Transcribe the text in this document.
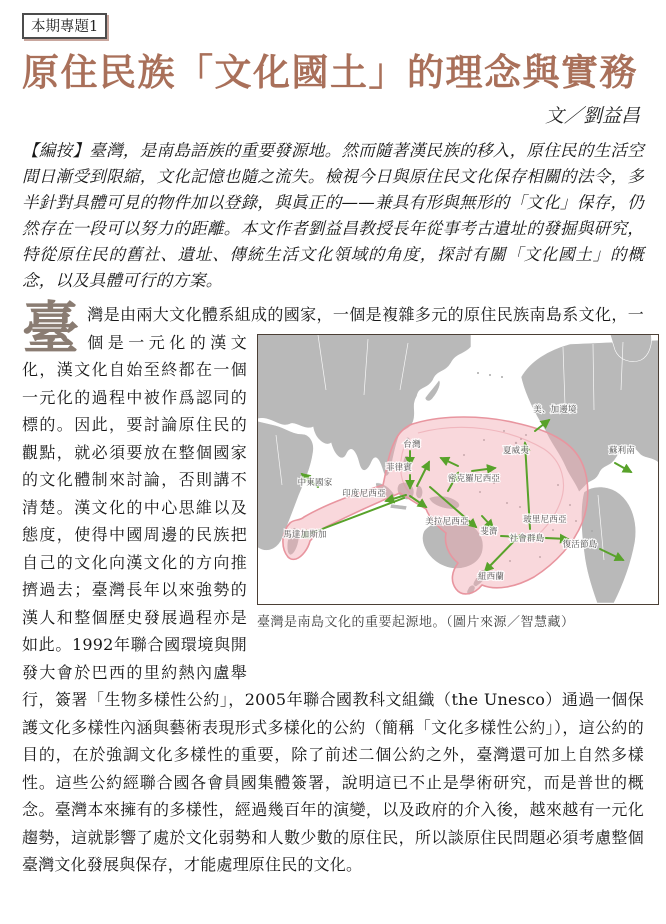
本期專題1
原住民族「文化國土」的理念與實務
文／劉益昌
【編按】臺灣，是南島語族的重要發源地。然而隨著漢民族的移入，原住民的生活空間日漸受到限縮，文化記憶也隨之流失。檢視今日與原住民文化保存相關的法令，多半針對具體可見的物件加以登錄，與眞正的——兼具有形與無形的「文化」保存，仍然存在一段可以努力的距離。本文作者劉益昌教授長年從事考古遺址的發掘與研究，特從原住民的舊社、遺址、傳統生活文化領域的角度，探討有關「文化國土」的概念，以及具體可行的方案。
臺灣是由兩大文化體系組成的國家，一個是複雜多元的原住民族南島系文化，
台灣
菲律賓
中東國家
印度尼西亞
密克羅尼西亞
美拉尼西亞
馬達加斯加	斐濟
玻里尼西亞
社會群島
復活節島
紐西蘭
夏威夷
美、加邊境
蘇利南
臺灣是南島文化的重要起源地。（圖片來源／智慧藏）
一個是一元化的漢文化，漢文化自始至終都在一個一元化的過程中被作爲認同的標的。因此，要討論原住民的觀點，就必須要放在整個國家的文化體制來討論，否則講不清楚。漢文化的中心思維以及態度，使得中國周邊的民族把自己的文化向漢文化的方向推擠過去；臺灣長年以來強勢的漢人和整個歷史發展過程亦是如此。1992年聯合國環境與開發大會於巴西的里約熱內盧舉行，簽署「生物多樣性公約」，2005年聯合國教科文組織（the Unesco）通過一個保護文化多樣性內涵與藝術表現形式多樣化的公約（簡稱「文化多樣性公約」），這公約的目的，在於強調文化多樣性的重要，除了前述二個公約之外，臺灣還可加上自然多樣性。這些公約經聯合國各會員國集體簽署，說明這已不止是學術研究，而是普世的概念。臺灣本來擁有的多樣性，經過幾百年的演變，以及政府的介入後，越來越有一元化趨勢，這就影響了處於文化弱勢和人數少數的原住民，所以談原住民問題必須考慮整個臺灣文化發展與保存，才能處理原住民的文化。
